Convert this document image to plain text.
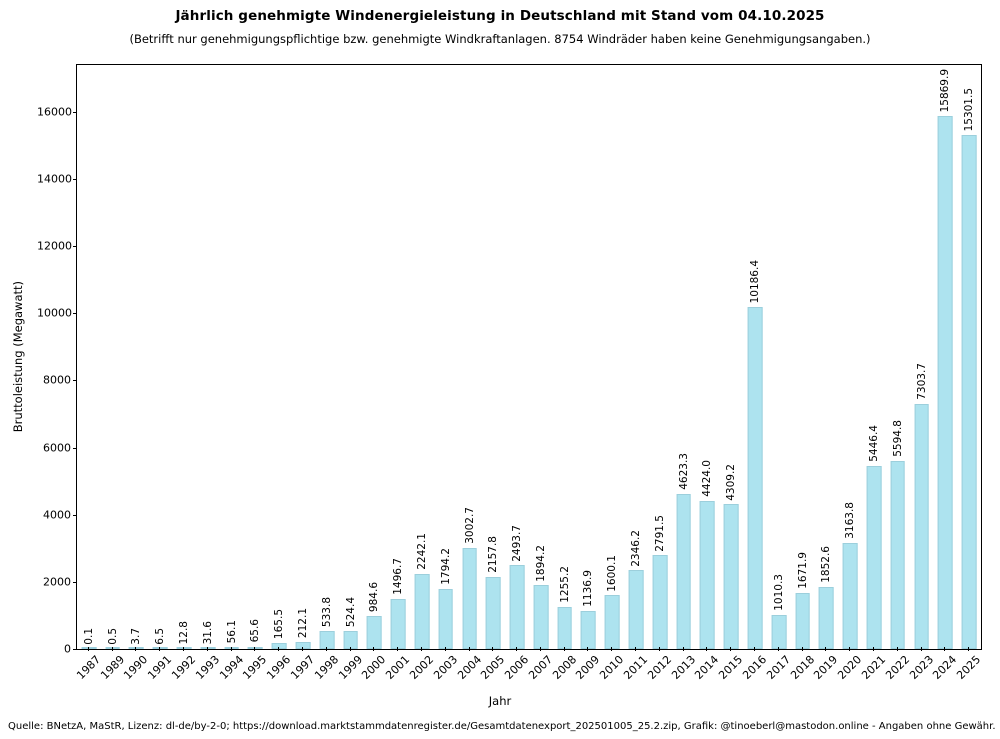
Jährlich genehmigte Windenergieleistung in Deutschland mit Stand vom 04.10.2025
(Betrifft nur genehmigungspflichtige bzw. genehmigte Windkraftanlagen. 8754 Windräder haben keine Genehmigungsangaben.)
Bruttoleistung (Megawatt)
0
2000
4000
6000
8000
10000
12000
14000
16000
0.1 0.5 3.7 6.5 12.8 31.6 56.1 65.6 165.5 212.1 533.8 524.4
984.6
1496.7
2242.1 1794.2
3002.7
2157.8 2493.7
1894.2
1255.2 1136.9 1600.1
2346.2 2791.5
4623.3 4424.0 4309.2
10186.4
1010.3
1671.9 1852.6
3163.8
5446.4 5594.8
7303.7
15869.9 15301.5
1987
1989
1990
1991
1992
1993
1994
1995
1996
1997
1998
1999
2000
2001
2002
2003
2004
2005
2006
2007
2008
2009
2010
2011
2012
2013
2014
2015
2016
2017
2018
2019
2020
2021
2022
2023
2024
2025
Jahr
Quelle: BNetzA, MaStR, Lizenz: dl-de/by-2-0; https://download.marktstammdatenregister.de/Gesamtdatenexport_202501005_25.2.zip, Grafik: @tinoeberl@mastodon.online - Angaben ohne Gewähr.
